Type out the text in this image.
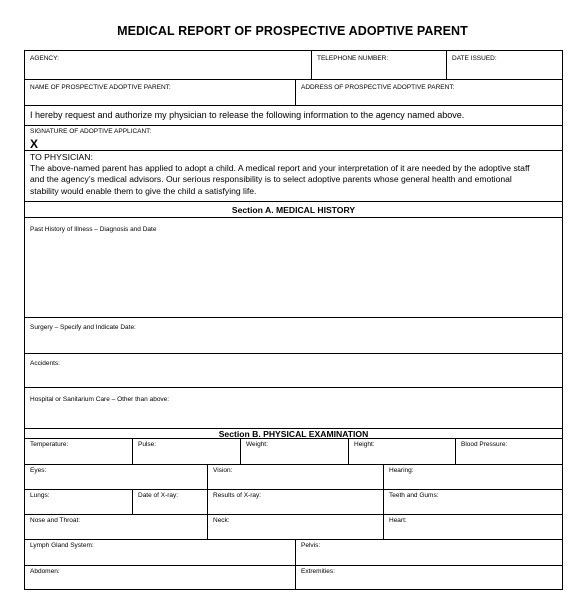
MEDICAL REPORT OF PROSPECTIVE ADOPTIVE PARENT
AGENCY:	TELEPHONE NUMBER:	DATE ISSUED:
NAME OF PROSPECTIVE ADOPTIVE PARENT:	ADDRESS OF PROSPECTIVE ADOPTIVE PARENT:
I hereby request and authorize my physician to release the following information to the agency named above.
SIGNATURE OF ADOPTIVE APPLICANT:
X
TO PHYSICIAN:
The above-named parent has applied to adopt a child. A medical report and your interpretation of it are needed by the adoptive staff
and the agency’s medical advisors. Our serious responsibility is to select adoptive parents whose general health and emotional
stability would enable them to give the child a satisfying life.
Section A. MEDICAL HISTORY
Past History of Illness – Diagnosis and Date
Surgery – Specify and Indicate Date:
Accidents:
Hospital or Sanitarium Care – Other than above:
Section B. PHYSICAL EXAMINATION
Temperature:	Pulse:	Weight:	Height:	Blood Pressure:
Eyes:	Vision:	Hearing:
Lungs:	Date of X-ray:	Results of X-ray:	Teeth and Gums:
Nose and Throat:	Neck:	Heart:
Lymph Gland System:	Pelvis:
Abdomen:	Extremities:
